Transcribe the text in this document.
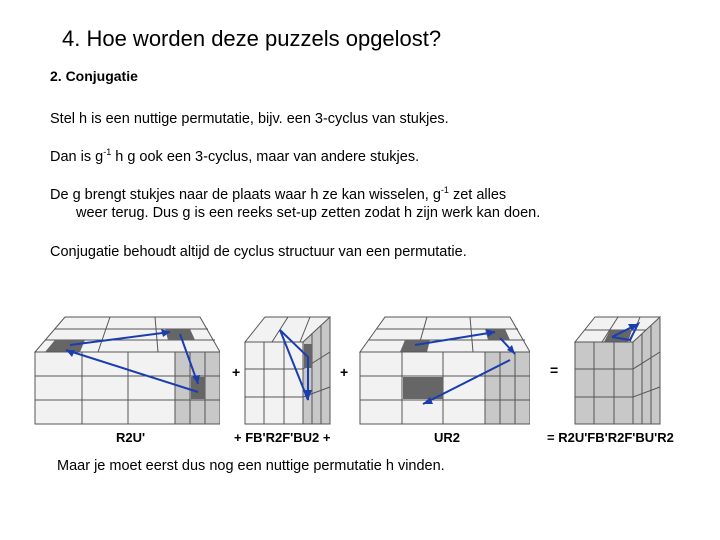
4. Hoe worden deze puzzels opgelost?
2. Conjugatie
Stel h is een nuttige permutatie, bijv. een 3-cyclus van stukjes.
Dan is $g^{-1}$ h g ook een 3-cyclus, maar van andere stukjes.
De g brengt stukjes naar de plaats waar h ze kan wisselen, $g^{-1}$ zet alles
weer terug. Dus g is een reeks set-up zetten zodat h zijn werk kan doen.
Conjugatie behoudt altijd de cyclus structuur van een permutatie.
+	+	=
R2U'	+ FB'R2F'BU2 +	UR2	= R2U'FB'R2F'BU'R2
Maar je moet eerst dus nog een nuttige permutatie h vinden.
